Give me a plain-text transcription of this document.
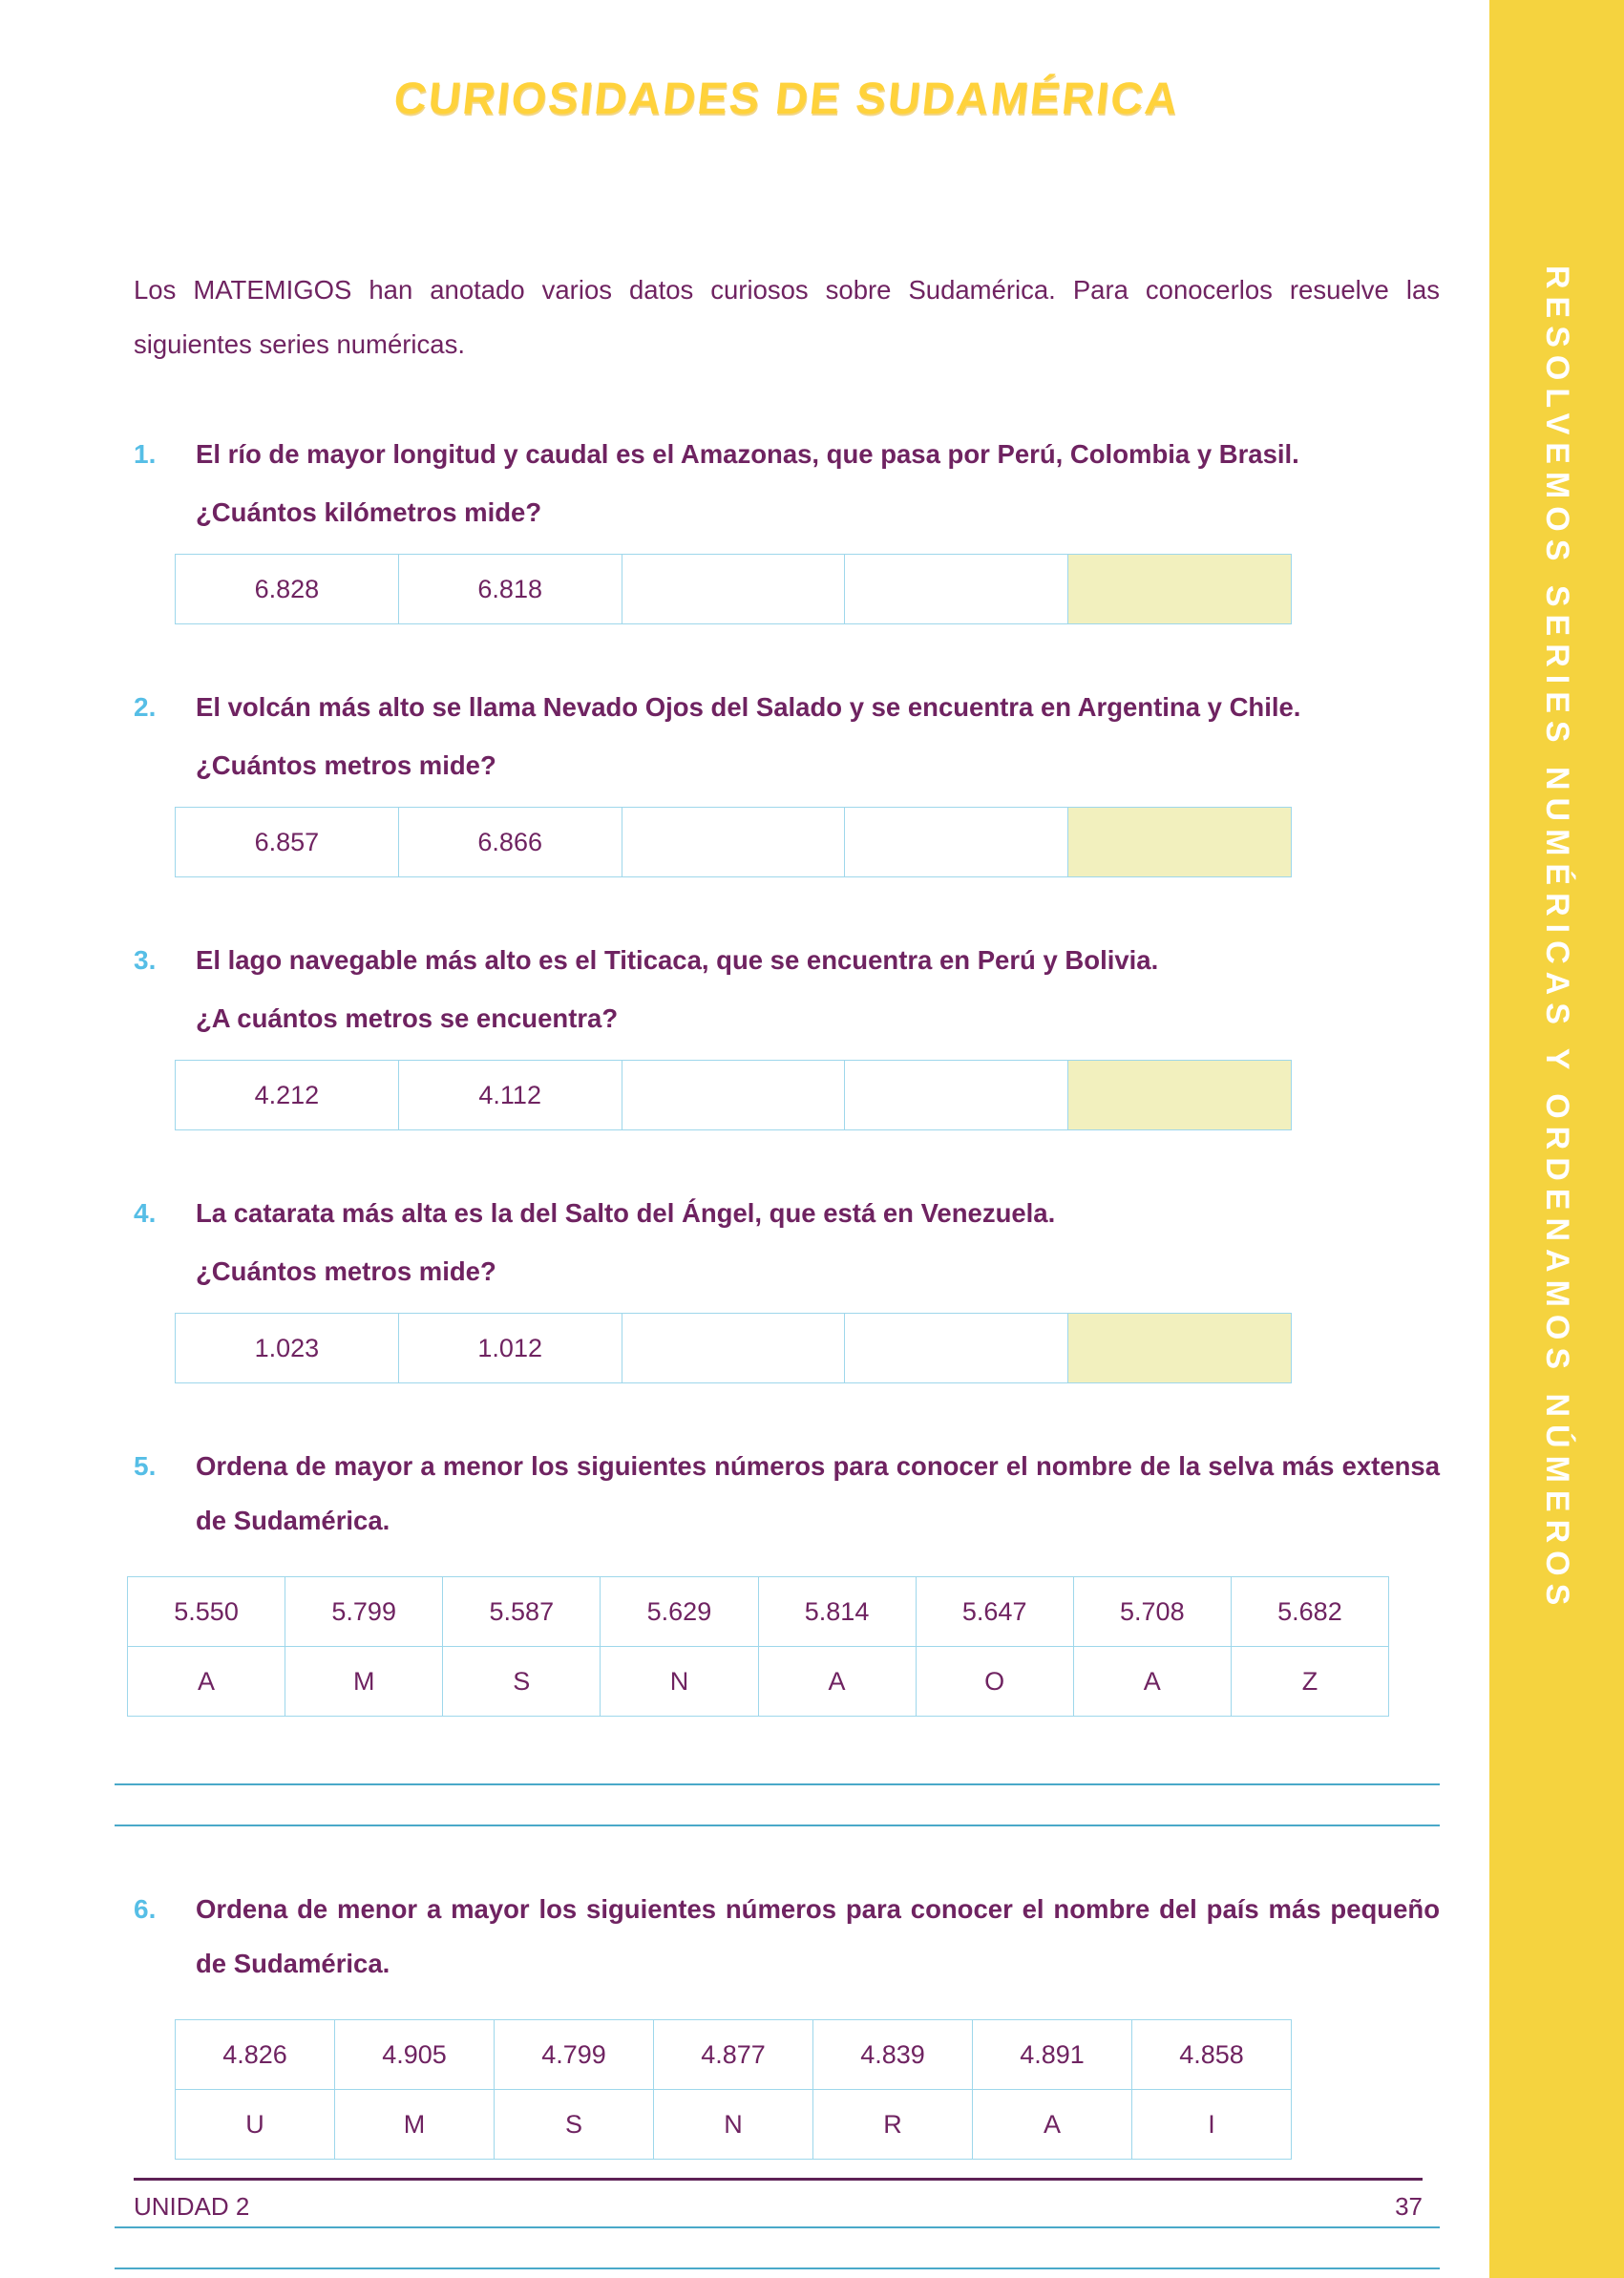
RESOLVEMOS SERIES NUMÉRICAS Y ORDENAMOS NÚMEROS
CURIOSIDADES DE SUDAMÉRICA

Los MATEMIGOS han anotado varios datos curiosos sobre Sudamérica. Para conocerlos resuelve las siguientes series numéricas.

1.	El río de mayor longitud y caudal es el Amazonas, que pasa por Perú, Colombia y Brasil.
¿Cuántos kilómetros mide?
6.828	6.818			
2.	El volcán más alto se llama Nevado Ojos del Salado y se encuentra en Argentina y Chile.
¿Cuántos metros mide?
6.857	6.866			
3.	El lago navegable más alto es el Titicaca, que se encuentra en Perú y Bolivia.
¿A cuántos metros se encuentra?
4.212	4.112			
4.	La catarata más alta es la del Salto del Ángel, que está en Venezuela.
¿Cuántos metros mide?
1.023	1.012			
5.	Ordena de mayor a menor los siguientes números para conocer el nombre de la selva más extensa de Sudamérica.
5.550	5.799	5.587	5.629	5.814	5.647	5.708	5.682
A	M	S	N	A	O	A	Z
6.	Ordena de menor a mayor los siguientes números para conocer el nombre del país más pequeño de Sudamérica.
4.826	4.905	4.799	4.877	4.839	4.891	4.858
U	M	S	N	R	A	I
UNIDAD 2	37
